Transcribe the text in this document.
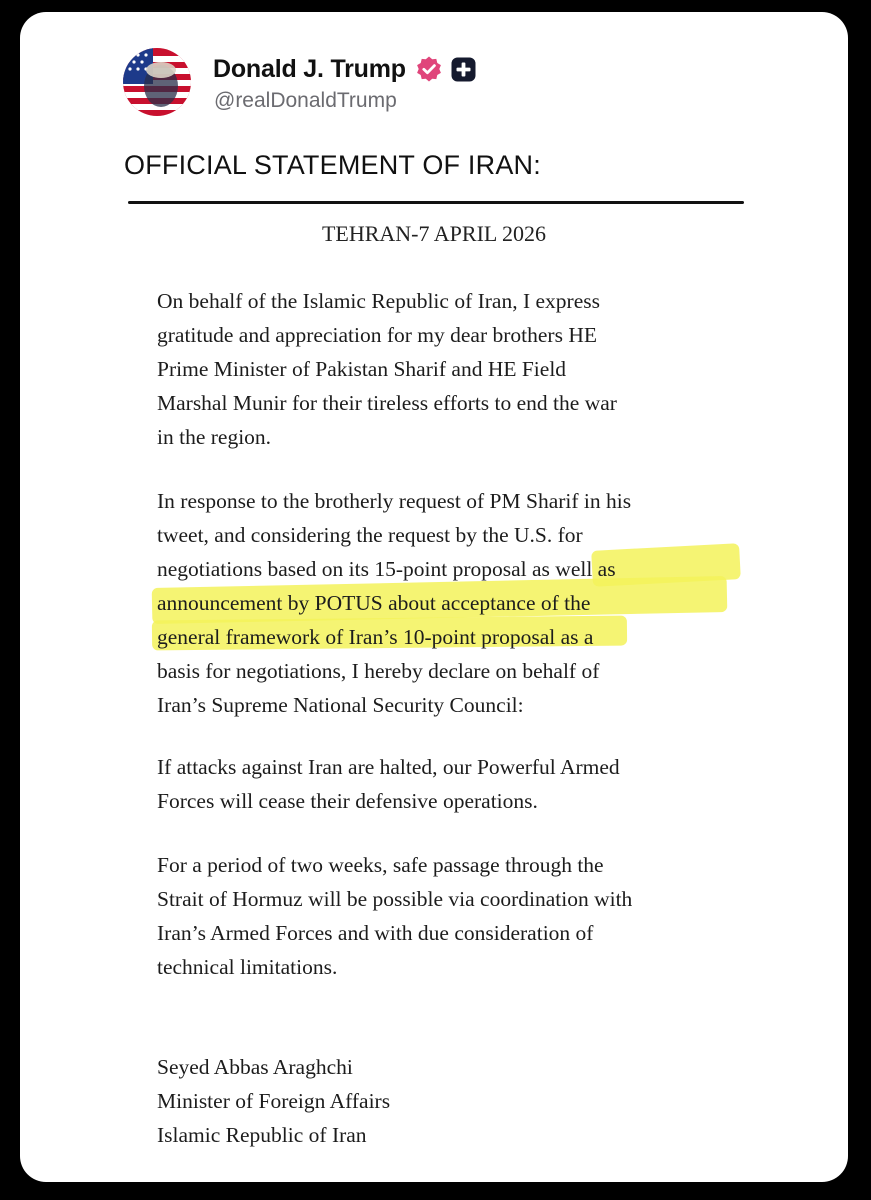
Donald J. Trump
@realDonaldTrump
OFFICIAL STATEMENT OF IRAN:
TEHRAN-7 APRIL 2026
On behalf of the Islamic Republic of Iran, I express
gratitude and appreciation for my dear brothers HE
Prime Minister of Pakistan Sharif and HE Field
Marshal Munir for their tireless efforts to end the war
in the region.
In response to the brotherly request of PM Sharif in his
tweet, and considering the request by the U.S. for
negotiations based on its 15-point proposal as well as
announcement by POTUS about acceptance of the
general framework of Iran’s 10-point proposal as a
basis for negotiations, I hereby declare on behalf of
Iran’s Supreme National Security Council:
If attacks against Iran are halted, our Powerful Armed
Forces will cease their defensive operations.
For a period of two weeks, safe passage through the
Strait of Hormuz will be possible via coordination with
Iran’s Armed Forces and with due consideration of
technical limitations.
Seyed Abbas Araghchi
Minister of Foreign Affairs
Islamic Republic of Iran
